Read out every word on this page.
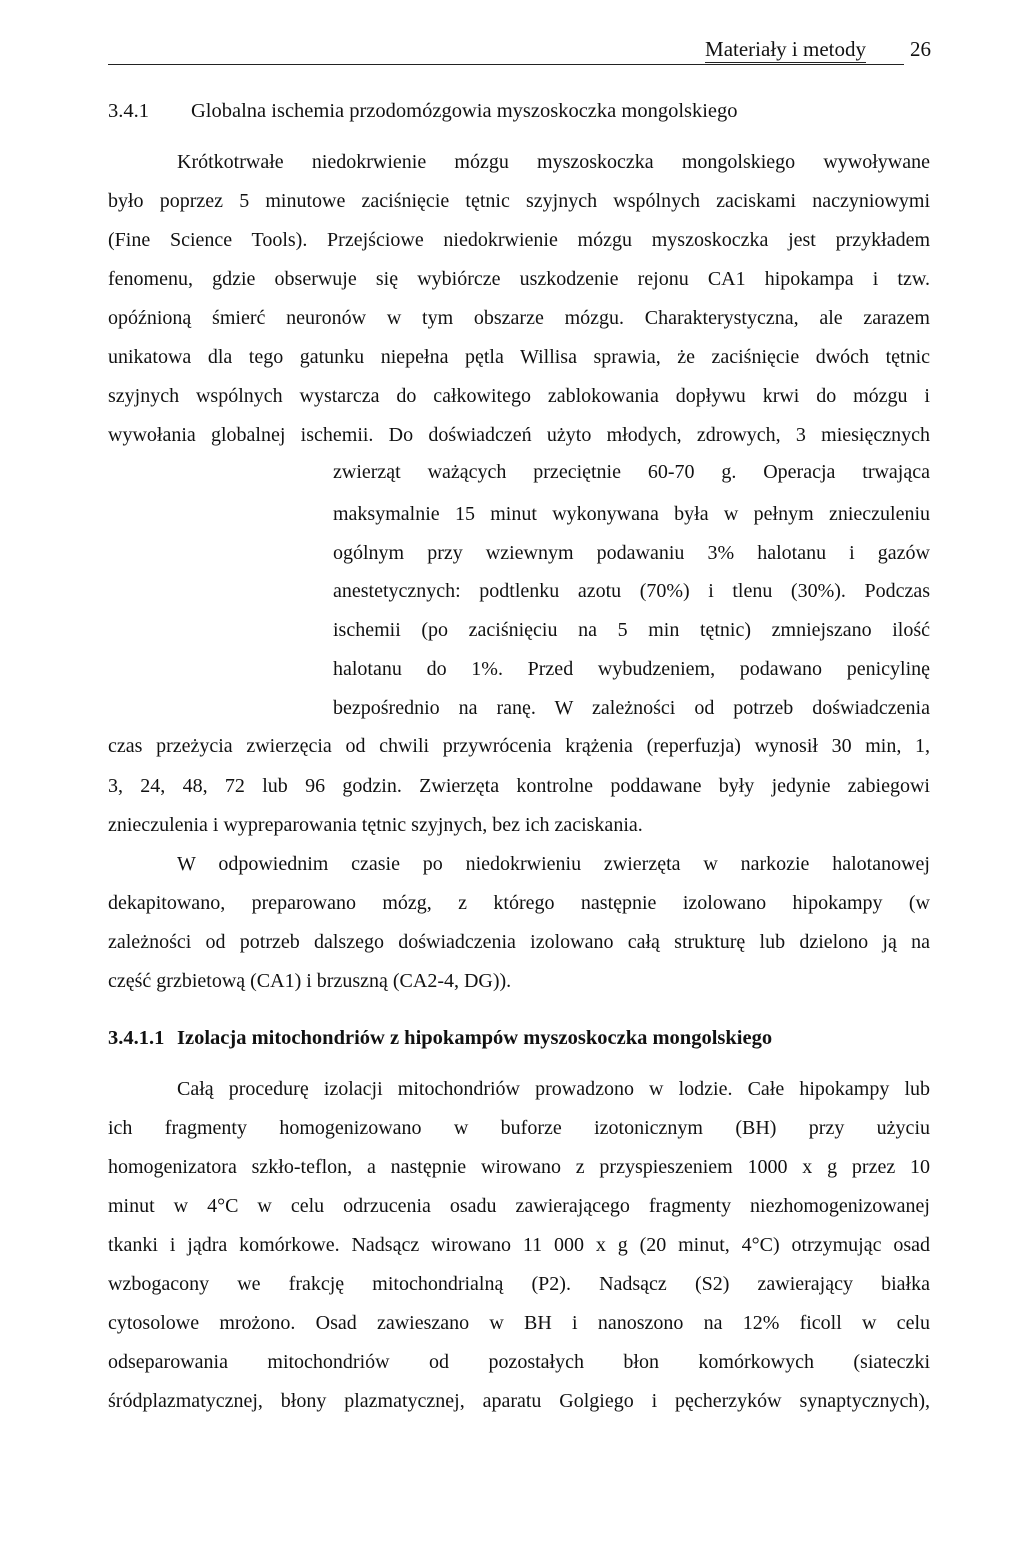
Materiały i metody 26
3.4.1 Globalna ischemia przodomózgowia myszoskoczka mongolskiego
Krótkotrwałe niedokrwienie mózgu myszoskoczka mongolskiego wywoływane
było poprzez 5 minutowe zaciśnięcie tętnic szyjnych wspólnych zaciskami naczyniowymi
(Fine Science Tools). Przejściowe niedokrwienie mózgu myszoskoczka jest przykładem
fenomenu, gdzie obserwuje się wybiórcze uszkodzenie rejonu CA1 hipokampa i tzw.
opóźnioną śmierć neuronów w tym obszarze mózgu. Charakterystyczna, ale zarazem
unikatowa dla tego gatunku niepełna pętla Willisa sprawia, że zaciśnięcie dwóch tętnic
szyjnych wspólnych wystarcza do całkowitego zablokowania dopływu krwi do mózgu i
wywołania globalnej ischemii. Do doświadczeń użyto młodych, zdrowych, 3 miesięcznych
zwierząt ważących przeciętnie 60-70 g. Operacja trwająca
maksymalnie 15 minut wykonywana była w pełnym znieczuleniu
ogólnym przy wziewnym podawaniu 3% halotanu i gazów
anestetycznych: podtlenku azotu (70%) i tlenu (30%). Podczas
ischemii (po zaciśnięciu na 5 min tętnic) zmniejszano ilość
halotanu do 1%. Przed wybudzeniem, podawano penicylinę
bezpośrednio na ranę. W zależności od potrzeb doświadczenia
czas przeżycia zwierzęcia od chwili przywrócenia krążenia (reperfuzja) wynosił 30 min, 1,
3, 24, 48, 72 lub 96 godzin. Zwierzęta kontrolne poddawane były jedynie zabiegowi
znieczulenia i wypreparowania tętnic szyjnych, bez ich zaciskania.
W odpowiednim czasie po niedokrwieniu zwierzęta w narkozie halotanowej
dekapitowano, preparowano mózg, z którego następnie izolowano hipokampy (w
zależności od potrzeb dalszego doświadczenia izolowano całą strukturę lub dzielono ją na
część grzbietową (CA1) i brzuszną (CA2-4, DG)).
3.4.1.1 Izolacja mitochondriów z hipokampów myszoskoczka mongolskiego
Całą procedurę izolacji mitochondriów prowadzono w lodzie. Całe hipokampy lub
ich fragmenty homogenizowano w buforze izotonicznym (BH) przy użyciu
homogenizatora szkło-teflon, a następnie wirowano z przyspieszeniem 1000 x g przez 10
minut w 4°C w celu odrzucenia osadu zawierającego fragmenty niezhomogenizowanej
tkanki i jądra komórkowe. Nadsącz wirowano 11 000 x g (20 minut, 4°C) otrzymując osad
wzbogacony we frakcję mitochondrialną (P2). Nadsącz (S2) zawierający białka
cytosolowe mrożono. Osad zawieszano w BH i nanoszono na 12% ficoll w celu
odseparowania mitochondriów od pozostałych błon komórkowych (siateczki
śródplazmatycznej, błony plazmatycznej, aparatu Golgiego i pęcherzyków synaptycznych),
